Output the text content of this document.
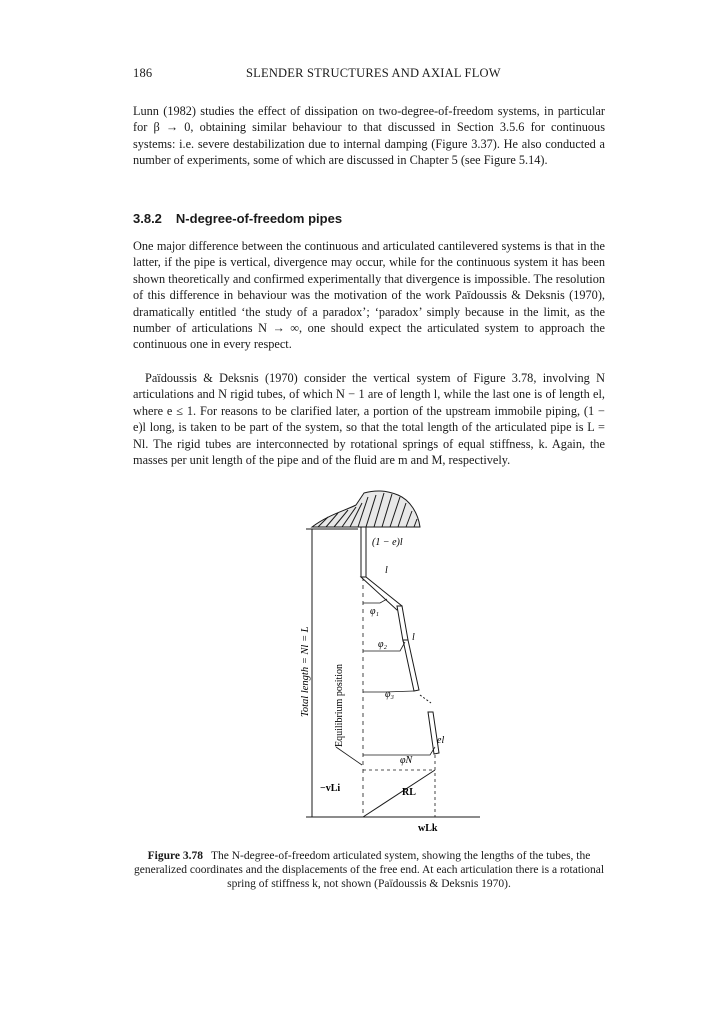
186	SLENDER STRUCTURES AND AXIAL FLOW
Lunn (1982) studies the effect of dissipation on two-degree-of-freedom systems, in particular for β → 0, obtaining similar behaviour to that discussed in Section 3.5.6 for continuous systems: i.e. severe destabilization due to internal damping (Figure 3.37). He also conducted a number of experiments, some of which are discussed in Chapter 5 (see Figure 5.14).
3.8.2 N-degree-of-freedom pipes
One major difference between the continuous and articulated cantilevered systems is that in the latter, if the pipe is vertical, divergence may occur, while for the continuous system it has been shown theoretically and confirmed experimentally that divergence is impossible. The resolution of this difference in behaviour was the motivation of the work Païdoussis & Deksnis (1970), dramatically entitled ‘the study of a paradox’; ‘paradox’ simply because in the limit, as the number of articulations N → ∞, one should expect the articulated system to approach the continuous one in every respect.
Païdoussis & Deksnis (1970) consider the vertical system of Figure 3.78, involving N articulations and N rigid tubes, of which N − 1 are of length l, while the last one is of length el, where e ≤ 1. For reasons to be clarified later, a portion of the upstream immobile piping, (1 − e)l long, is taken to be part of the system, so that the total length of the articulated pipe is L = Nl. The rigid tubes are interconnected by rotational springs of equal stiffness, k. Again, the masses per unit length of the pipe and of the fluid are m and M, respectively.
Total length = Nl = L
(1 − e)l
Equilibrium position
l
l
el
φ₁
φ₂
φ₃
φN
−vLi	RL
wLk
Figure 3.78 The N-degree-of-freedom articulated system, showing the lengths of the tubes, the generalized coordinates and the displacements of the free end. At each articulation there is a rotational spring of stiffness k, not shown (Païdoussis & Deksnis 1970).
